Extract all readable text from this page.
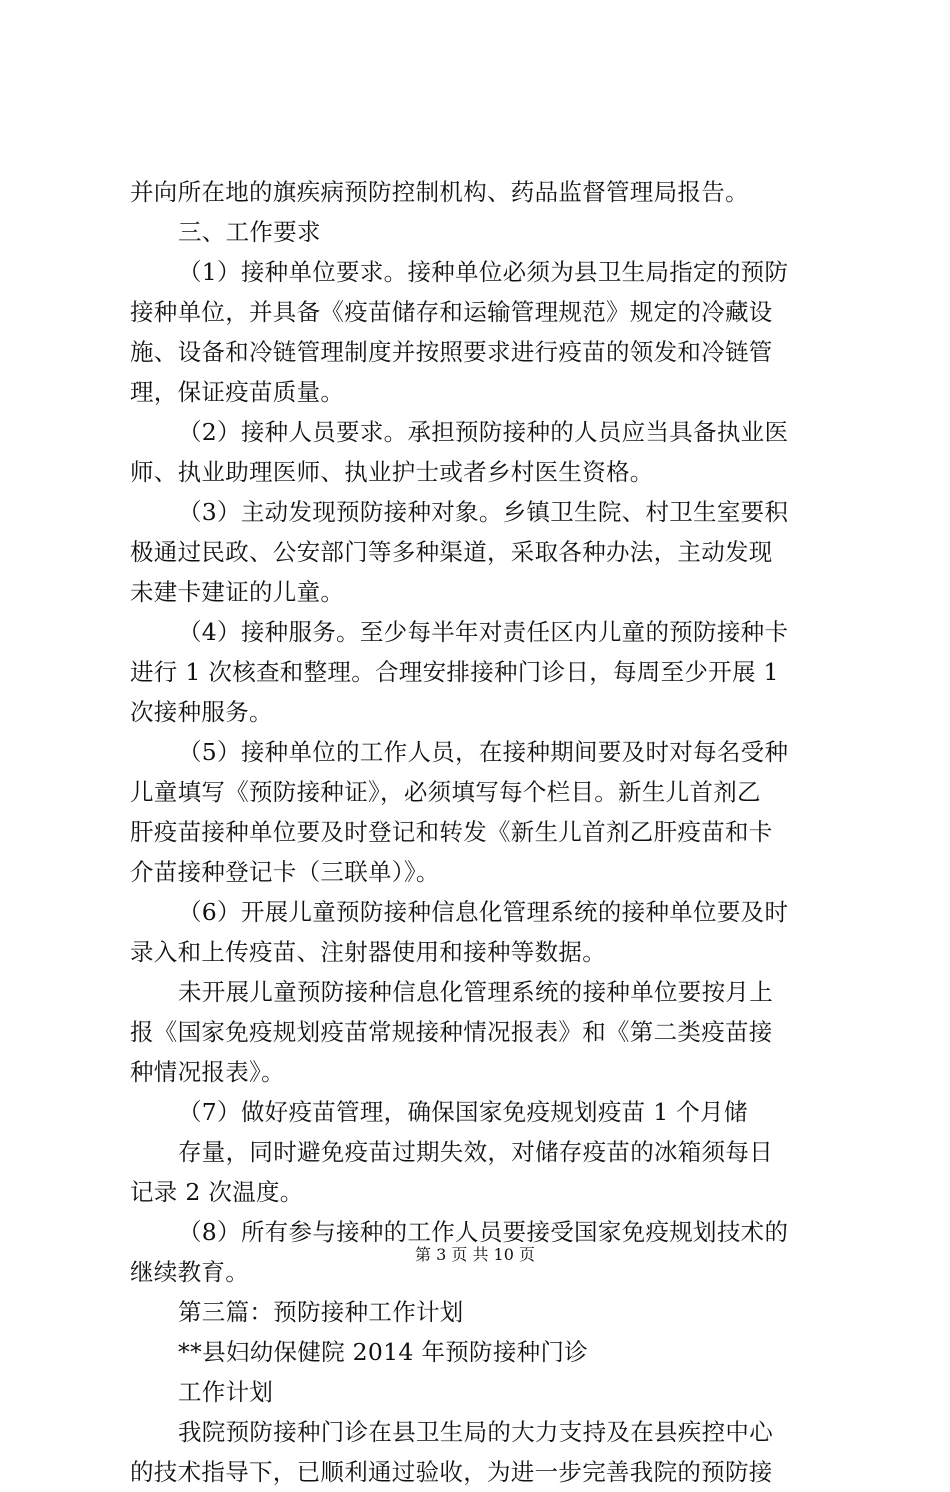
并向所在地的旗疾病预防控制机构、药品监督管理局报告。
三、工作要求
（1）接种单位要求。接种单位必须为县卫生局指定的预防
接种单位，并具备《疫苗储存和运输管理规范》规定的冷藏设
施、设备和冷链管理制度并按照要求进行疫苗的领发和冷链管
理，保证疫苗质量。
（2）接种人员要求。承担预防接种的人员应当具备执业医
师、执业助理医师、执业护士或者乡村医生资格。
（3）主动发现预防接种对象。乡镇卫生院、村卫生室要积
极通过民政、公安部门等多种渠道，采取各种办法，主动发现
未建卡建证的儿童。
（4）接种服务。至少每半年对责任区内儿童的预防接种卡
进行 1 次核查和整理。合理安排接种门诊日，每周至少开展 1
次接种服务。
（5）接种单位的工作人员，在接种期间要及时对每名受种
儿童填写《预防接种证》，必须填写每个栏目。新生儿首剂乙
肝疫苗接种单位要及时登记和转发《新生儿首剂乙肝疫苗和卡
介苗接种登记卡（三联单）》。
（6）开展儿童预防接种信息化管理系统的接种单位要及时
录入和上传疫苗、注射器使用和接种等数据。
未开展儿童预防接种信息化管理系统的接种单位要按月上
报《国家免疫规划疫苗常规接种情况报表》和《第二类疫苗接
种情况报表》。
（7）做好疫苗管理，确保国家免疫规划疫苗 1 个月储
存量，同时避免疫苗过期失效，对储存疫苗的冰箱须每日
记录 2 次温度。
（8）所有参与接种的工作人员要接受国家免疫规划技术的
继续教育。
第三篇：预防接种工作计划
**县妇幼保健院 2014 年预防接种门诊
工作计划
我院预防接种门诊在县卫生局的大力支持及在县疾控中心
的技术指导下，已顺利通过验收，为进一步完善我院的预防接
第 3 页 共 10 页
